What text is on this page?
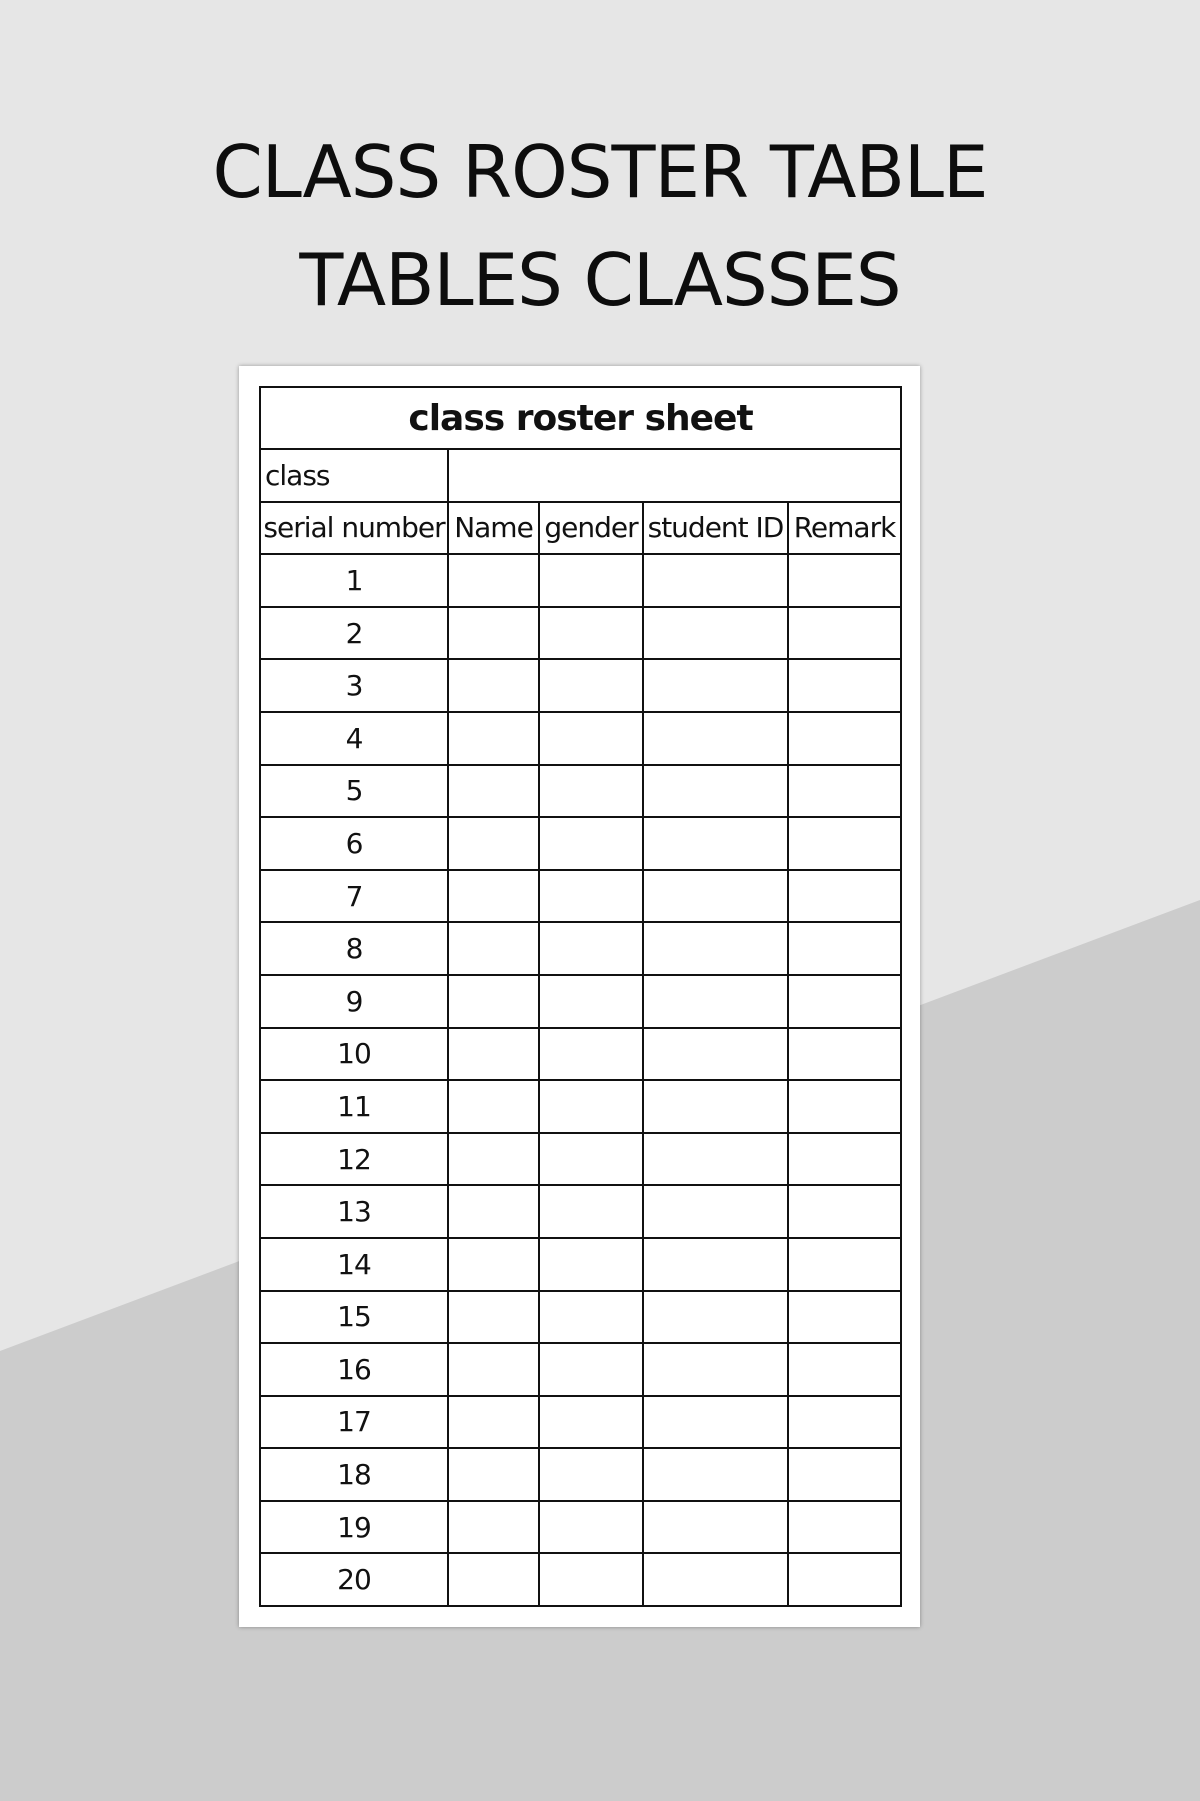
CLASS ROSTER TABLE
TABLES CLASSES
class roster sheet				
class				
serial number	Name	gender	student ID	Remark
1				
2				
3				
4				
5				
6				
7				
8				
9				
10				
11				
12				
13				
14				
15				
16				
17				
18				
19				
20				
